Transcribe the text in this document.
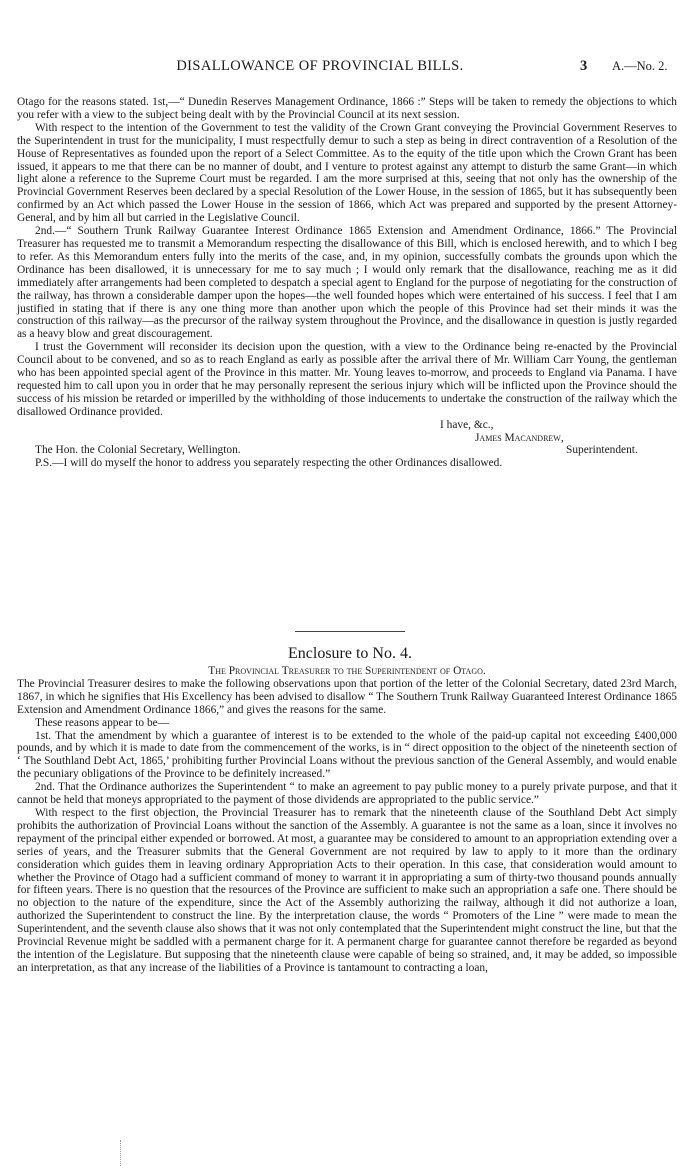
DISALLOWANCE OF PROVINCIAL BILLS.	3 A.—No. 2.

Otago for the reasons stated. 1st,—“ Dunedin Reserves Management Ordinance, 1866 :” Steps will be taken to remedy the objections to which you refer with a view to the subject being dealt with by the Provincial Council at its next session.

With respect to the intention of the Government to test the validity of the Crown Grant conveying the Provincial Government Reserves to the Superintendent in trust for the municipality, I must respectfully demur to such a step as being in direct contravention of a Resolution of the House of Representatives as founded upon the report of a Select Committee. As to the equity of the title upon which the Crown Grant has been issued, it appears to me that there can be no manner of doubt, and I venture to protest against any attempt to disturb the same Grant—in which light alone a reference to the Supreme Court must be regarded. I am the more surprised at this, seeing that not only has the ownership of the Provincial Government Reserves been declared by a special Resolution of the Lower House, in the session of 1865, but it has subsequently been confirmed by an Act which passed the Lower House in the session of 1866, which Act was prepared and supported by the present Attorney-General, and by him all but carried in the Legislative Council.

2nd.—“ Southern Trunk Railway Guarantee Interest Ordinance 1865 Extension and Amendment Ordinance, 1866.” The Provincial Treasurer has requested me to transmit a Memorandum respecting the disallowance of this Bill, which is enclosed herewith, and to which I beg to refer. As this Memorandum enters fully into the merits of the case, and, in my opinion, successfully combats the grounds upon which the Ordinance has been disallowed, it is unnecessary for me to say much ; I would only remark that the disallowance, reaching me as it did immediately after arrangements had been completed to despatch a special agent to England for the purpose of negotiating for the construction of the railway, has thrown a considerable damper upon the hopes—the well founded hopes which were entertained of his success. I feel that I am justified in stating that if there is any one thing more than another upon which the people of this Province had set their minds it was the construction of this railway—as the precursor of the railway system throughout the Province, and the disallowance in question is justly regarded as a heavy blow and great discouragement.

I trust the Government will reconsider its decision upon the question, with a view to the Ordinance being re-enacted by the Provincial Council about to be convened, and so as to reach England as early as possible after the arrival there of Mr. William Carr Young, the gentleman who has been appointed special agent of the Province in this matter. Mr. Young leaves to-morrow, and proceeds to England via Panama. I have requested him to call upon you in order that he may personally represent the serious injury which will be inflicted upon the Province should the success of his mission be retarded or imperilled by the withholding of those inducements to undertake the construction of the railway which the disallowed Ordinance provided.

I have, &c.,
James Macandrew,
The Hon. the Colonial Secretary, Wellington.	Superintendent.

P.S.—I will do myself the honor to address you separately respecting the other Ordinances disallowed.

Enclosure to No. 4.

The Provincial Treasurer to the Superintendent of Otago.

The Provincial Treasurer desires to make the following observations upon that portion of the letter of the Colonial Secretary, dated 23rd March, 1867, in which he signifies that His Excellency has been advised to disallow “ The Southern Trunk Railway Guaranteed Interest Ordinance 1865 Extension and Amendment Ordinance 1866,” and gives the reasons for the same.

These reasons appear to be—

1st. That the amendment by which a guarantee of interest is to be extended to the whole of the paid-up capital not exceeding £400,000 pounds, and by which it is made to date from the commencement of the works, is in “ direct opposition to the object of the nineteenth section of ‘ The Southland Debt Act, 1865,’ prohibiting further Provincial Loans without the previous sanction of the General Assembly, and would enable the pecuniary obligations of the Province to be definitely increased.”

2nd. That the Ordinance authorizes the Superintendent “ to make an agreement to pay public money to a purely private purpose, and that it cannot be held that moneys appropriated to the payment of those dividends are appropriated to the public service.”

With respect to the first objection, the Provincial Treasurer has to remark that the nineteenth clause of the Southland Debt Act simply prohibits the authorization of Provincial Loans without the sanction of the Assembly. A guarantee is not the same as a loan, since it involves no repayment of the principal either expended or borrowed. At most, a guarantee may be considered to amount to an appropriation extending over a series of years, and the Treasurer submits that the General Government are not required by law to apply to it more than the ordinary consideration which guides them in leaving ordinary Appropriation Acts to their operation. In this case, that consideration would amount to whether the Province of Otago had a sufficient command of money to warrant it in appropriating a sum of thirty-two thousand pounds annually for fifteen years. There is no question that the resources of the Province are sufficient to make such an appropriation a safe one. There should be no objection to the nature of the expenditure, since the Act of the Assembly authorizing the railway, although it did not authorize a loan, authorized the Superintendent to construct the line. By the interpretation clause, the words “ Promoters of the Line ” were made to mean the Superintendent, and the seventh clause also shows that it was not only contemplated that the Superintendent might construct the line, but that the Provincial Revenue might be saddled with a permanent charge for it. A permanent charge for guarantee cannot therefore be regarded as beyond the intention of the Legislature. But supposing that the nineteenth clause were capable of being so strained, and, it may be added, so impossible an interpretation, as that any increase of the liabilities of a Province is tantamount to contracting a loan,
